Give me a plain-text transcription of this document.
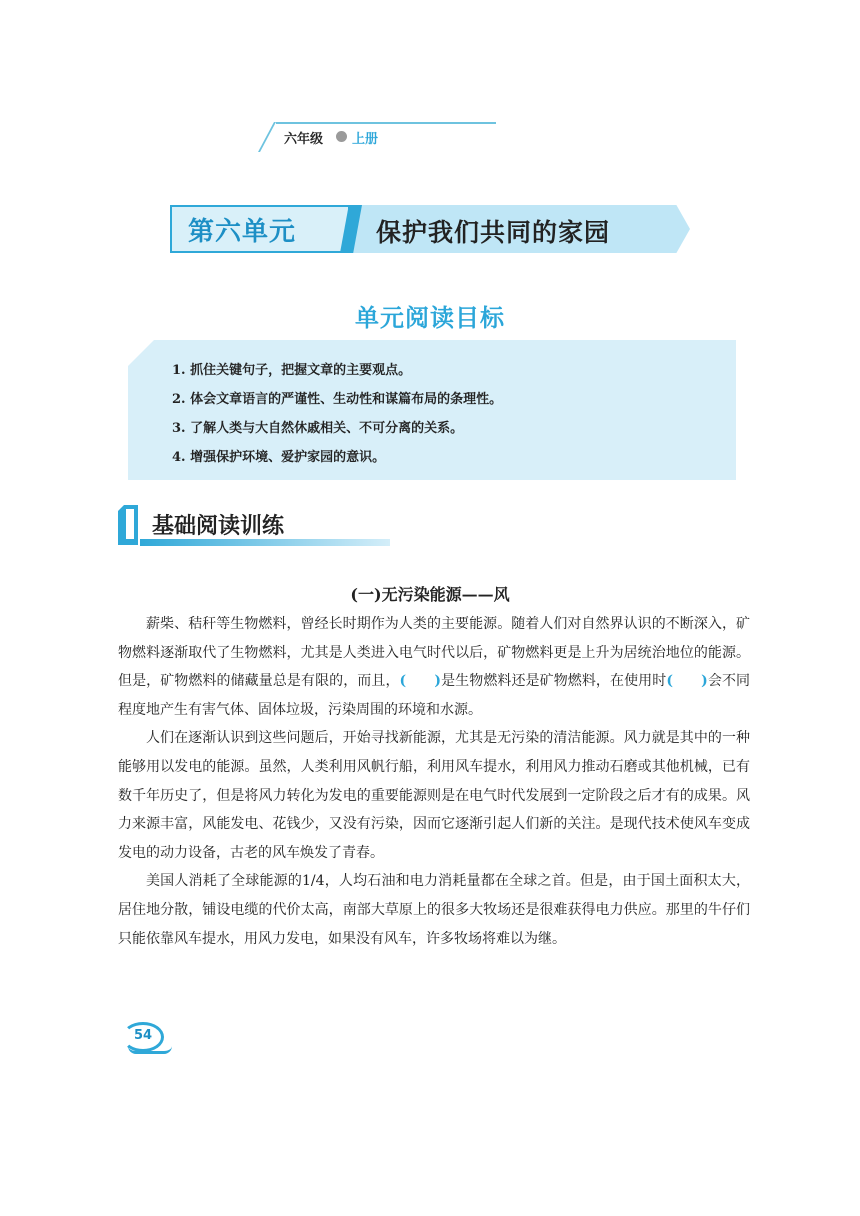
六年级 上册
第六单元	保护我们共同的家园
单元阅读目标
1. 抓住关键句子，把握文章的主要观点。
2. 体会文章语言的严谨性、生动性和谋篇布局的条理性。
3. 了解人类与大自然休戚相关、不可分离的关系。
4. 增强保护环境、爱护家园的意识。
基础阅读训练
(一)无污染能源——风

薪柴、秸秆等生物燃料，曾经长时期作为人类的主要能源。随着人们对自然界认识的不断深入，矿物燃料逐渐取代了生物燃料，尤其是人类进入电气时代以后，矿物燃料更是上升为居统治地位的能源。但是，矿物燃料的储藏量总是有限的，而且，(　　)是生物燃料还是矿物燃料，在使用时(　　)会不同程度地产生有害气体、固体垃圾，污染周围的环境和水源。

人们在逐渐认识到这些问题后，开始寻找新能源，尤其是无污染的清洁能源。风力就是其中的一种能够用以发电的能源。虽然，人类利用风帆行船，利用风车提水，利用风力推动石磨或其他机械，已有数千年历史了，但是将风力转化为发电的重要能源则是在电气时代发展到一定阶段之后才有的成果。风力来源丰富，风能发电、花钱少，又没有污染，因而它逐渐引起人们新的关注。是现代技术使风车变成发电的动力设备，古老的风车焕发了青春。

美国人消耗了全球能源的1/4，人均石油和电力消耗量都在全球之首。但是，由于国土面积太大，居住地分散，铺设电缆的代价太高，南部大草原上的很多大牧场还是很难获得电力供应。那里的牛仔们只能依靠风车提水，用风力发电，如果没有风车，许多牧场将难以为继。

54
